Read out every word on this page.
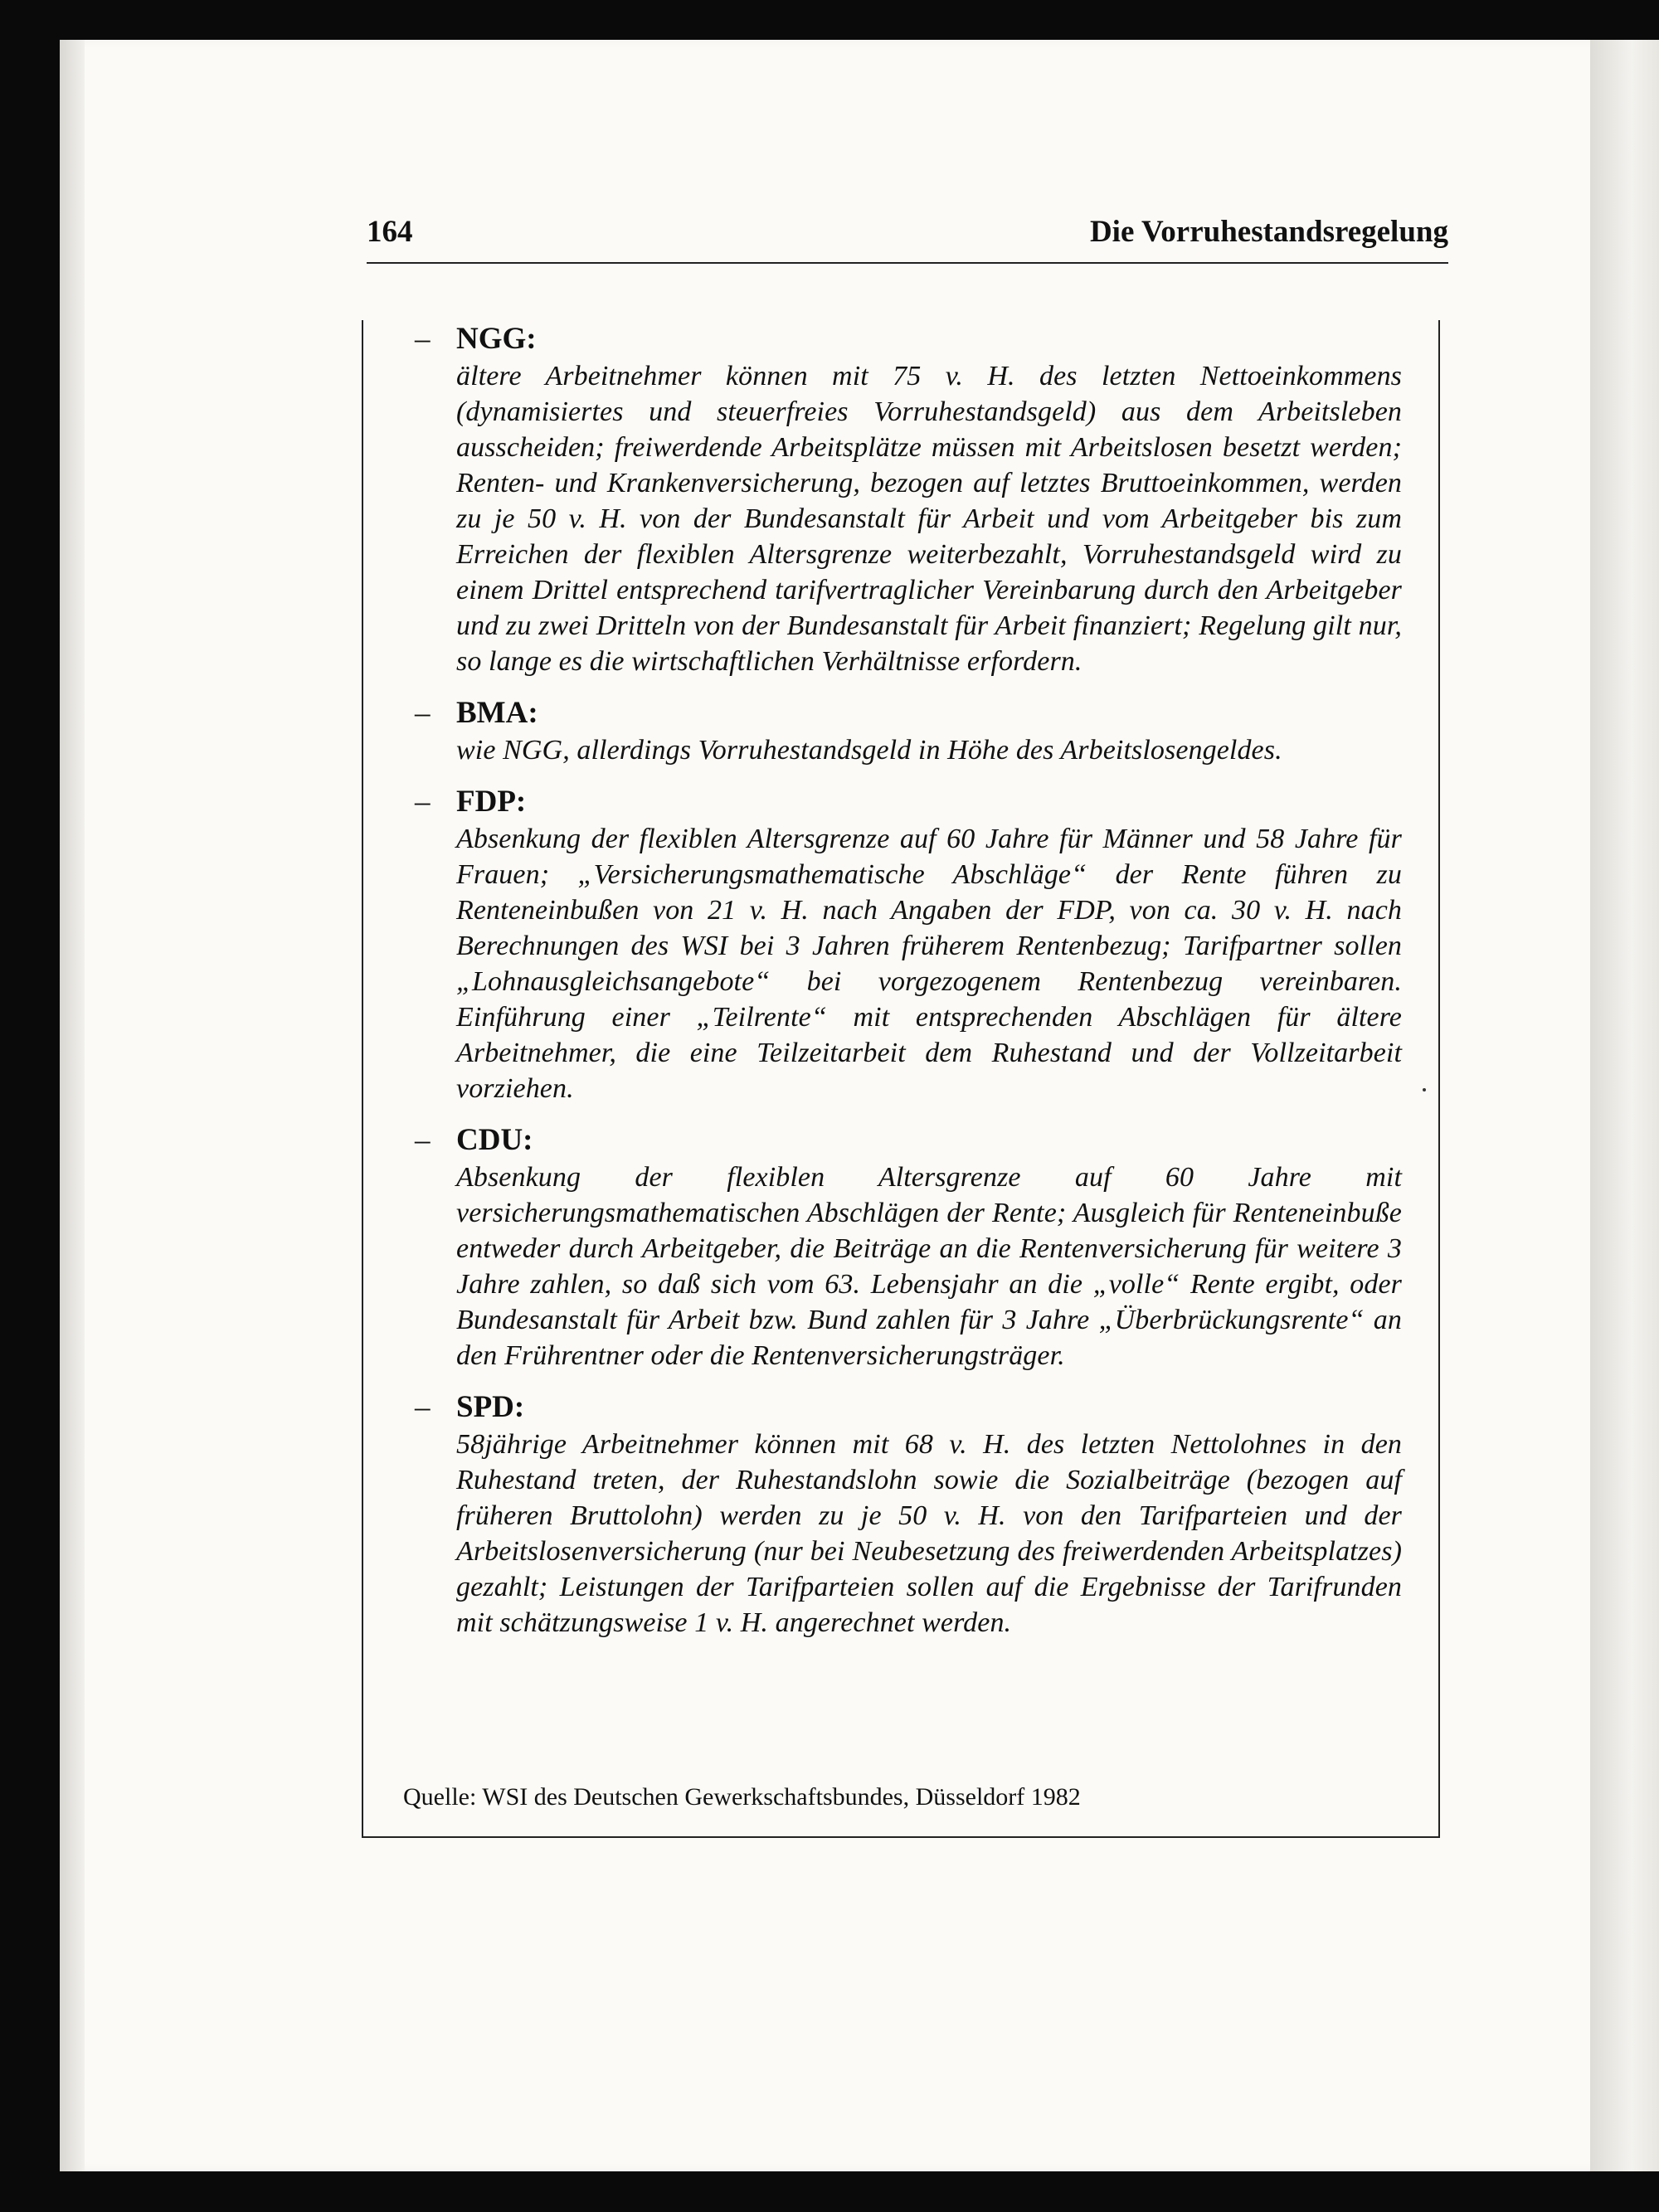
164	Die Vorruhestandsregelung
– NGG:
ältere Arbeitnehmer können mit 75 v. H. des letzten Nettoeinkommens (dynamisiertes und steuerfreies Vorruhestandsgeld) aus dem Arbeitsleben ausscheiden; freiwerdende Arbeitsplätze müssen mit Arbeitslosen besetzt werden; Renten- und Krankenversicherung, bezogen auf letztes Bruttoeinkommen, werden zu je 50 v. H. von der Bundesanstalt für Arbeit und vom Arbeitgeber bis zum Erreichen der flexiblen Altersgrenze weiterbezahlt, Vorruhestandsgeld wird zu einem Drittel entsprechend tarifvertraglicher Vereinbarung durch den Arbeitgeber und zu zwei Dritteln von der Bundesanstalt für Arbeit finanziert; Regelung gilt nur, so lange es die wirtschaftlichen Verhältnisse erfordern.
– BMA:
wie NGG, allerdings Vorruhestandsgeld in Höhe des Arbeitslosengeldes.
– FDP:
Absenkung der flexiblen Altersgrenze auf 60 Jahre für Männer und 58 Jahre für Frauen; „Versicherungsmathematische Abschläge“ der Rente führen zu Renteneinbußen von 21 v. H. nach Angaben der FDP, von ca. 30 v. H. nach Berechnungen des WSI bei 3 Jahren früherem Rentenbezug; Tarifpartner sollen „Lohnausgleichsangebote“ bei vorgezogenem Rentenbezug vereinbaren. Einführung einer „Teilrente“ mit entsprechenden Abschlägen für ältere Arbeitnehmer, die eine Teilzeitarbeit dem Ruhestand und der Vollzeitarbeit vorziehen.
– CDU:
Absenkung der flexiblen Altersgrenze auf 60 Jahre mit versicherungsmathematischen Abschlägen der Rente; Ausgleich für Renteneinbuße entweder durch Arbeitgeber, die Beiträge an die Rentenversicherung für weitere 3 Jahre zahlen, so daß sich vom 63. Lebensjahr an die „volle“ Rente ergibt, oder Bundesanstalt für Arbeit bzw. Bund zahlen für 3 Jahre „Überbrückungsrente“ an den Frührentner oder die Rentenversicherungsträger.
– SPD:
58jährige Arbeitnehmer können mit 68 v. H. des letzten Nettolohnes in den Ruhestand treten, der Ruhestandslohn sowie die Sozialbeiträge (bezogen auf früheren Bruttolohn) werden zu je 50 v. H. von den Tarifparteien und der Arbeitslosenversicherung (nur bei Neubesetzung des freiwerdenden Arbeitsplatzes) gezahlt; Leistungen der Tarifparteien sollen auf die Ergebnisse der Tarifrunden mit schätzungsweise 1 v. H. angerechnet werden.
Quelle: WSI des Deutschen Gewerkschaftsbundes, Düsseldorf 1982
